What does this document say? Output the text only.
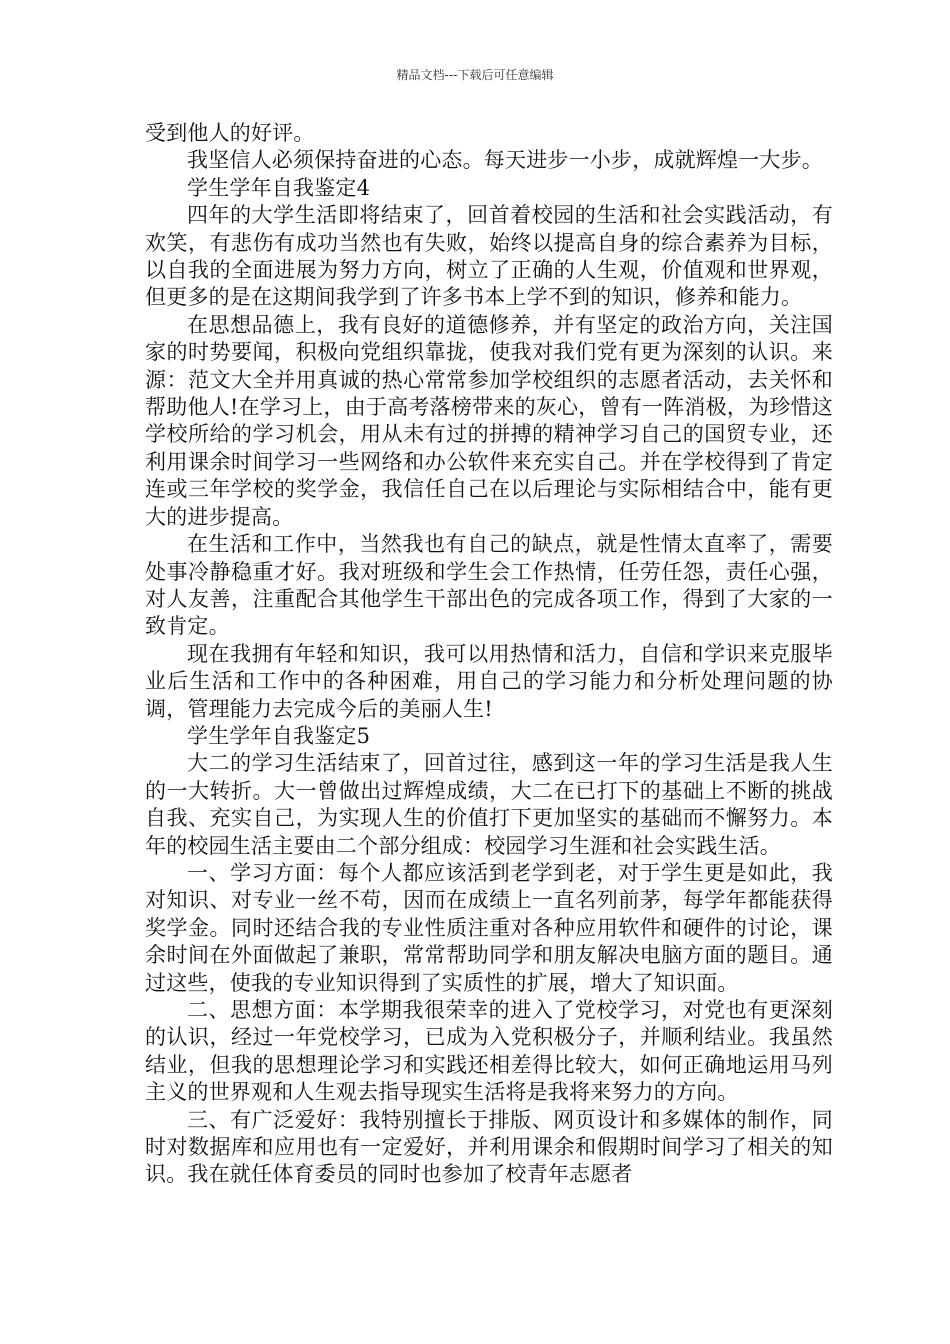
精品文档---下载后可任意编辑

受到他人的好评。

我坚信人必须保持奋进的心态。每天进步一小步，成就辉煌一大步。

学生学年自我鉴定4

四年的大学生活即将结束了，回首着校园的生活和社会实践活动，有欢笑，有悲伤有成功当然也有失败，始终以提高自身的综合素养为目标，以自我的全面进展为努力方向，树立了正确的人生观，价值观和世界观，但更多的是在这期间我学到了许多书本上学不到的知识，修养和能力。

在思想品德上，我有良好的道德修养，并有坚定的政治方向，关注国家的时势要闻，积极向党组织靠拢，使我对我们党有更为深刻的认识。来源：范文大全并用真诚的热心常常参加学校组织的志愿者活动，去关怀和帮助他人!在学习上，由于高考落榜带来的灰心，曾有一阵消极，为珍惜这学校所给的学习机会，用从未有过的拼搏的精神学习自己的国贸专业，还利用课余时间学习一些网络和办公软件来充实自己。并在学校得到了肯定连或三年学校的奖学金，我信任自己在以后理论与实际相结合中，能有更大的进步提高。

在生活和工作中，当然我也有自己的缺点，就是性情太直率了，需要处事冷静稳重才好。我对班级和学生会工作热情，任劳任怨，责任心强，对人友善，注重配合其他学生干部出色的完成各项工作，得到了大家的一致肯定。

现在我拥有年轻和知识，我可以用热情和活力，自信和学识来克服毕业后生活和工作中的各种困难，用自己的学习能力和分析处理问题的协调，管理能力去完成今后的美丽人生!

学生学年自我鉴定5

大二的学习生活结束了，回首过往，感到这一年的学习生活是我人生的一大转折。大一曾做出过辉煌成绩，大二在已打下的基础上不断的挑战自我、充实自己，为实现人生的价值打下更加坚实的基础而不懈努力。本年的校园生活主要由二个部分组成：校园学习生涯和社会实践生活。

一、学习方面：每个人都应该活到老学到老，对于学生更是如此，我对知识、对专业一丝不苟，因而在成绩上一直名列前茅，每学年都能获得奖学金。同时还结合我的专业性质注重对各种应用软件和硬件的讨论，课余时间在外面做起了兼职，常常帮助同学和朋友解决电脑方面的题目。通过这些，使我的专业知识得到了实质性的扩展，增大了知识面。

二、思想方面：本学期我很荣幸的进入了党校学习，对党也有更深刻的认识，经过一年党校学习，已成为入党积极分子，并顺利结业。我虽然结业，但我的思想理论学习和实践还相差得比较大，如何正确地运用马列主义的世界观和人生观去指导现实生活将是我将来努力的方向。

三、有广泛爱好：我特别擅长于排版、网页设计和多媒体的制作，同时对数据库和应用也有一定爱好，并利用课余和假期时间学习了相关的知识。我在就任体育委员的同时也参加了校青年志愿者
